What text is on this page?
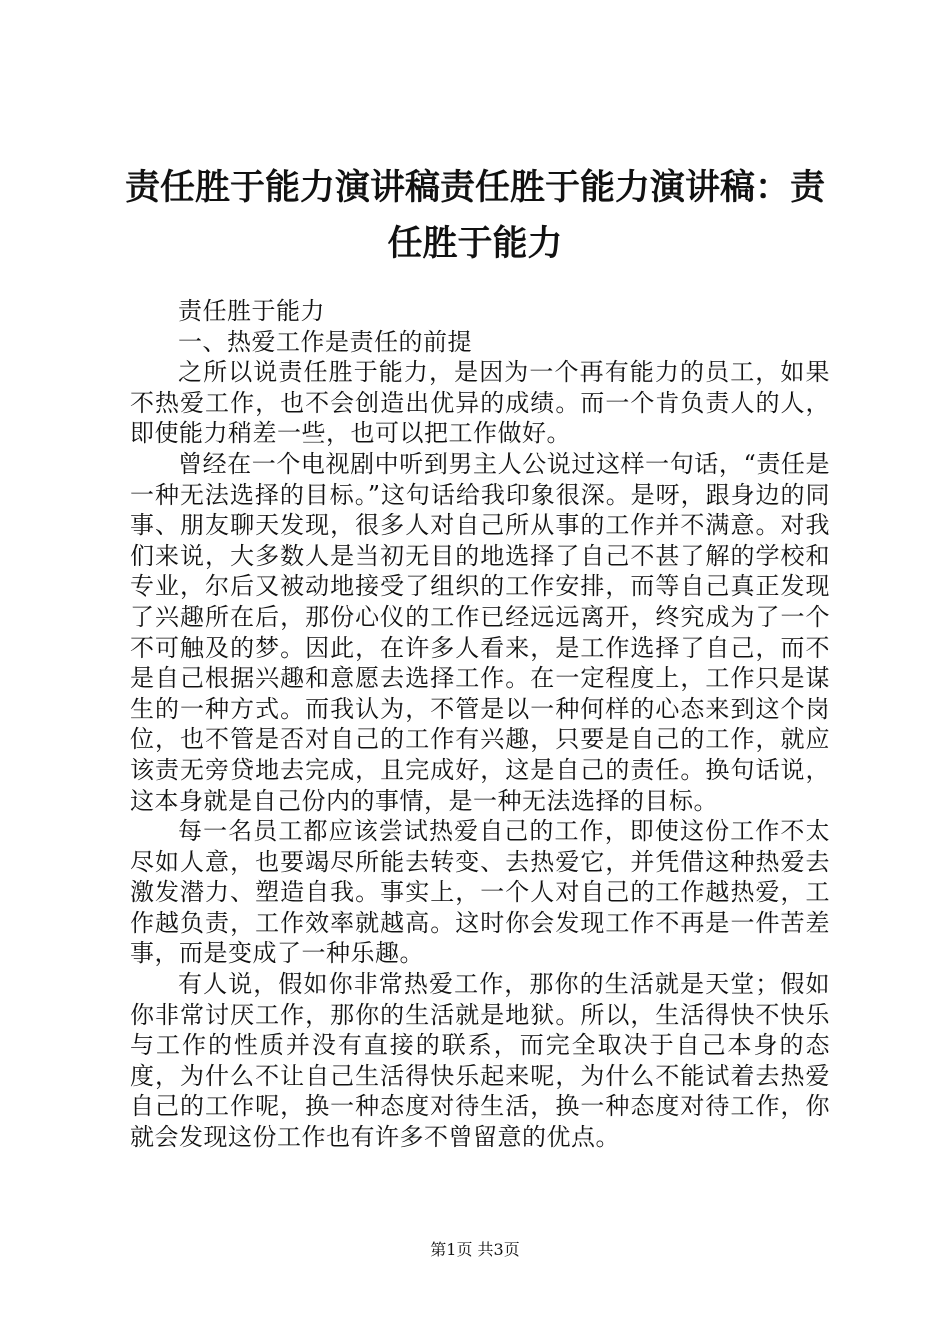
责任胜于能力演讲稿责任胜于能力演讲稿：责任胜于能力

责任胜于能力

一、热爱工作是责任的前提

之所以说责任胜于能力，是因为一个再有能力的员工，如果不热爱工作，也不会创造出优异的成绩。而一个肯负责人的人，即使能力稍差一些，也可以把工作做好。

曾经在一个电视剧中听到男主人公说过这样一句话，“责任是一种无法选择的目标。”这句话给我印象很深。是呀，跟身边的同事、朋友聊天发现，很多人对自己所从事的工作并不满意。对我们来说，大多数人是当初无目的地选择了自己不甚了解的学校和专业，尔后又被动地接受了组织的工作安排，而等自己真正发现了兴趣所在后，那份心仪的工作已经远远离开，终究成为了一个不可触及的梦。因此，在许多人看来，是工作选择了自己，而不是自己根据兴趣和意愿去选择工作。在一定程度上，工作只是谋生的一种方式。而我认为，不管是以一种何样的心态来到这个岗位，也不管是否对自己的工作有兴趣，只要是自己的工作，就应该责无旁贷地去完成，且完成好，这是自己的责任。换句话说，这本身就是自己份内的事情，是一种无法选择的目标。

每一名员工都应该尝试热爱自己的工作，即使这份工作不太尽如人意，也要竭尽所能去转变、去热爱它，并凭借这种热爱去激发潜力、塑造自我。事实上，一个人对自己的工作越热爱，工作越负责，工作效率就越高。这时你会发现工作不再是一件苦差事，而是变成了一种乐趣。

有人说，假如你非常热爱工作，那你的生活就是天堂；假如你非常讨厌工作，那你的生活就是地狱。所以，生活得快不快乐与工作的性质并没有直接的联系，而完全取决于自己本身的态度，为什么不让自己生活得快乐起来呢，为什么不能试着去热爱自己的工作呢，换一种态度对待生活，换一种态度对待工作，你就会发现这份工作也有许多不曾留意的优点。

第1页 共3页
